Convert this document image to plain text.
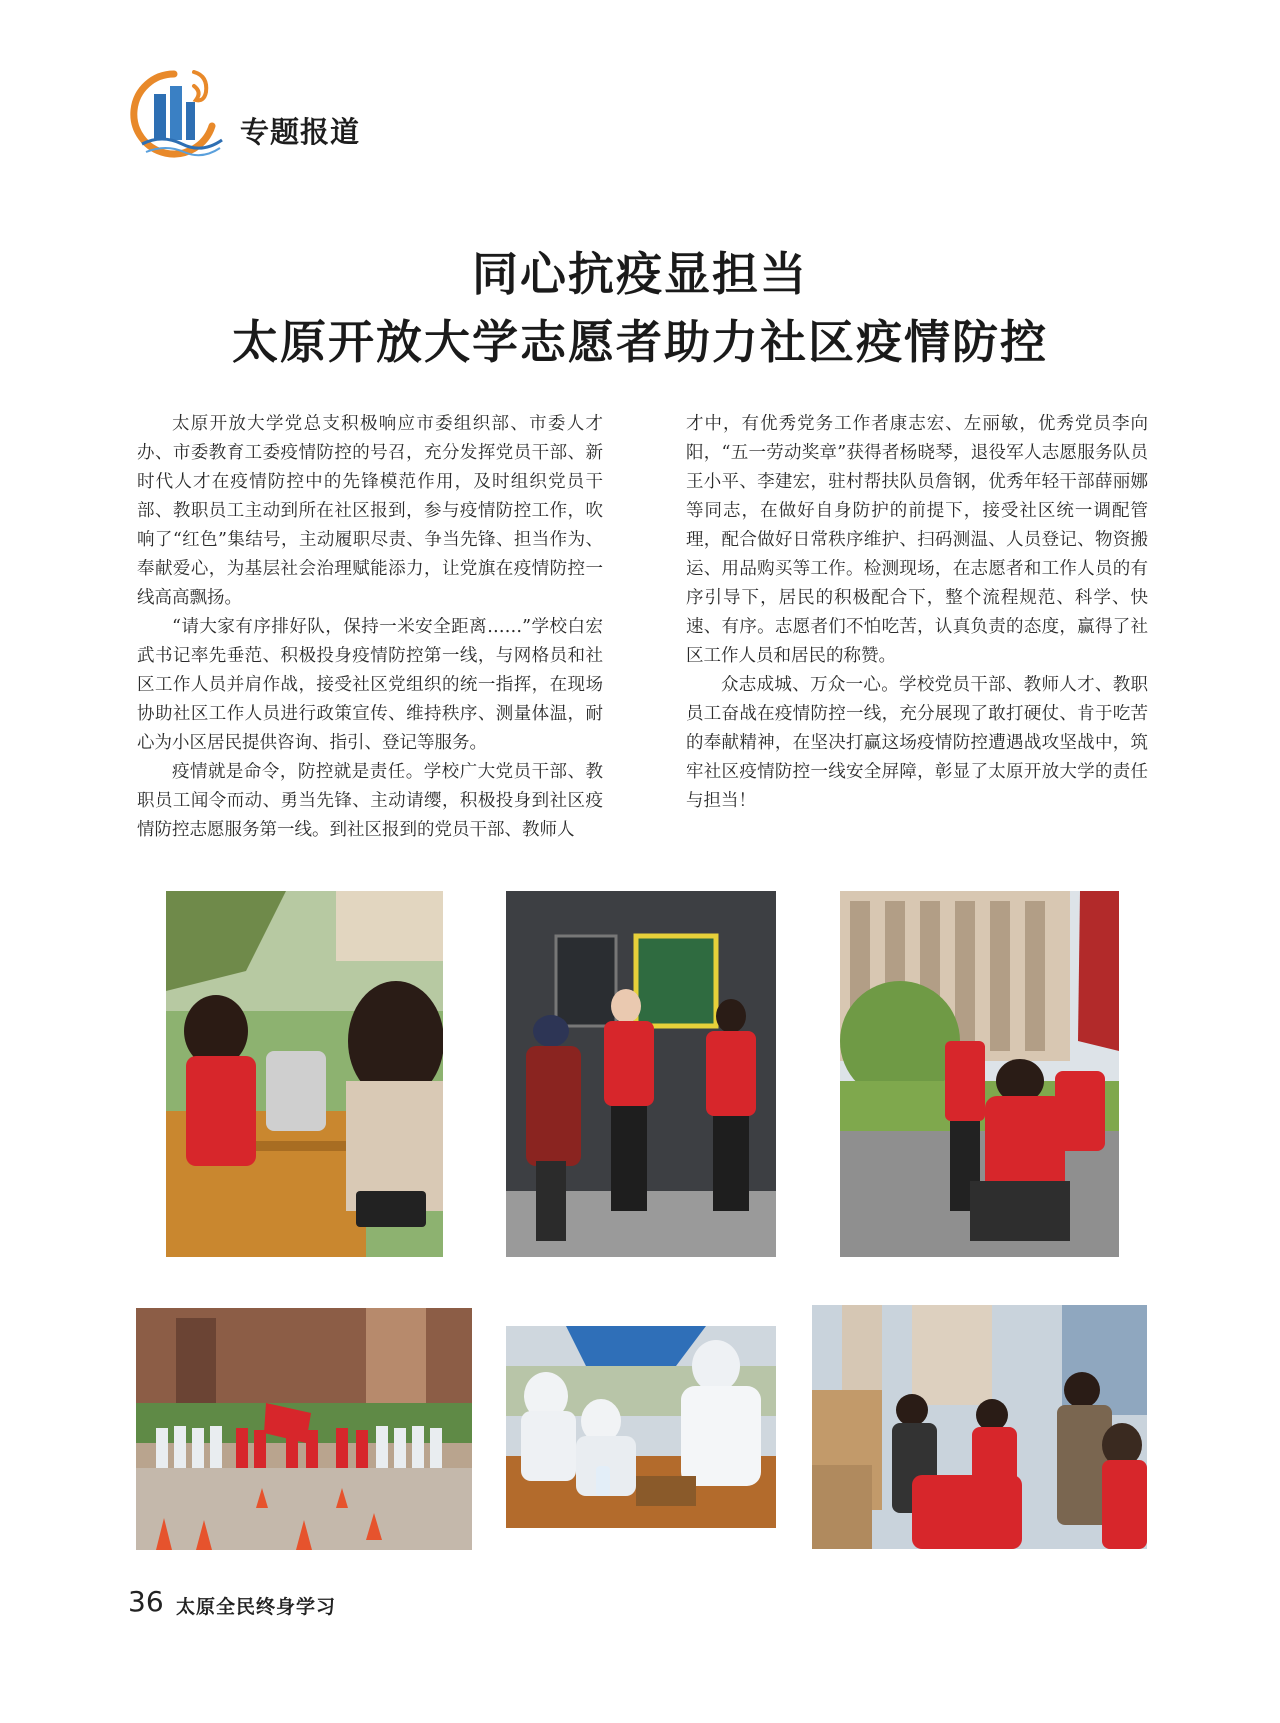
专题报道
同心抗疫显担当
太原开放大学志愿者助力社区疫情防控

太原开放大学党总支积极响应市委组织部、市委人才办、市委教育工委疫情防控的号召，充分发挥党员干部、新时代人才在疫情防控中的先锋模范作用，及时组织党员干部、教职员工主动到所在社区报到，参与疫情防控工作，吹响了“红色”集结号，主动履职尽责、争当先锋、担当作为、奉献爱心，为基层社会治理赋能添力，让党旗在疫情防控一线高高飘扬。

“请大家有序排好队，保持一米安全距离……”学校白宏武书记率先垂范、积极投身疫情防控第一线，与网格员和社区工作人员并肩作战，接受社区党组织的统一指挥，在现场协助社区工作人员进行政策宣传、维持秩序、测量体温，耐心为小区居民提供咨询、指引、登记等服务。

疫情就是命令，防控就是责任。学校广大党员干部、教职员工闻令而动、勇当先锋、主动请缨，积极投身到社区疫情防控志愿服务第一线。到社区报到的党员干部、教师人

才中，有优秀党务工作者康志宏、左丽敏，优秀党员李向阳，“五一劳动奖章”获得者杨晓琴，退役军人志愿服务队员王小平、李建宏，驻村帮扶队员詹钢，优秀年轻干部薛丽娜等同志，在做好自身防护的前提下，接受社区统一调配管理，配合做好日常秩序维护、扫码测温、人员登记、物资搬运、用品购买等工作。检测现场，在志愿者和工作人员的有序引导下，居民的积极配合下，整个流程规范、科学、快速、有序。志愿者们不怕吃苦，认真负责的态度，赢得了社区工作人员和居民的称赞。

众志成城、万众一心。学校党员干部、教师人才、教职员工奋战在疫情防控一线，充分展现了敢打硬仗、肯于吃苦的奉献精神，在坚决打赢这场疫情防控遭遇战攻坚战中，筑牢社区疫情防控一线安全屏障，彰显了太原开放大学的责任与担当！

36 太原全民终身学习
